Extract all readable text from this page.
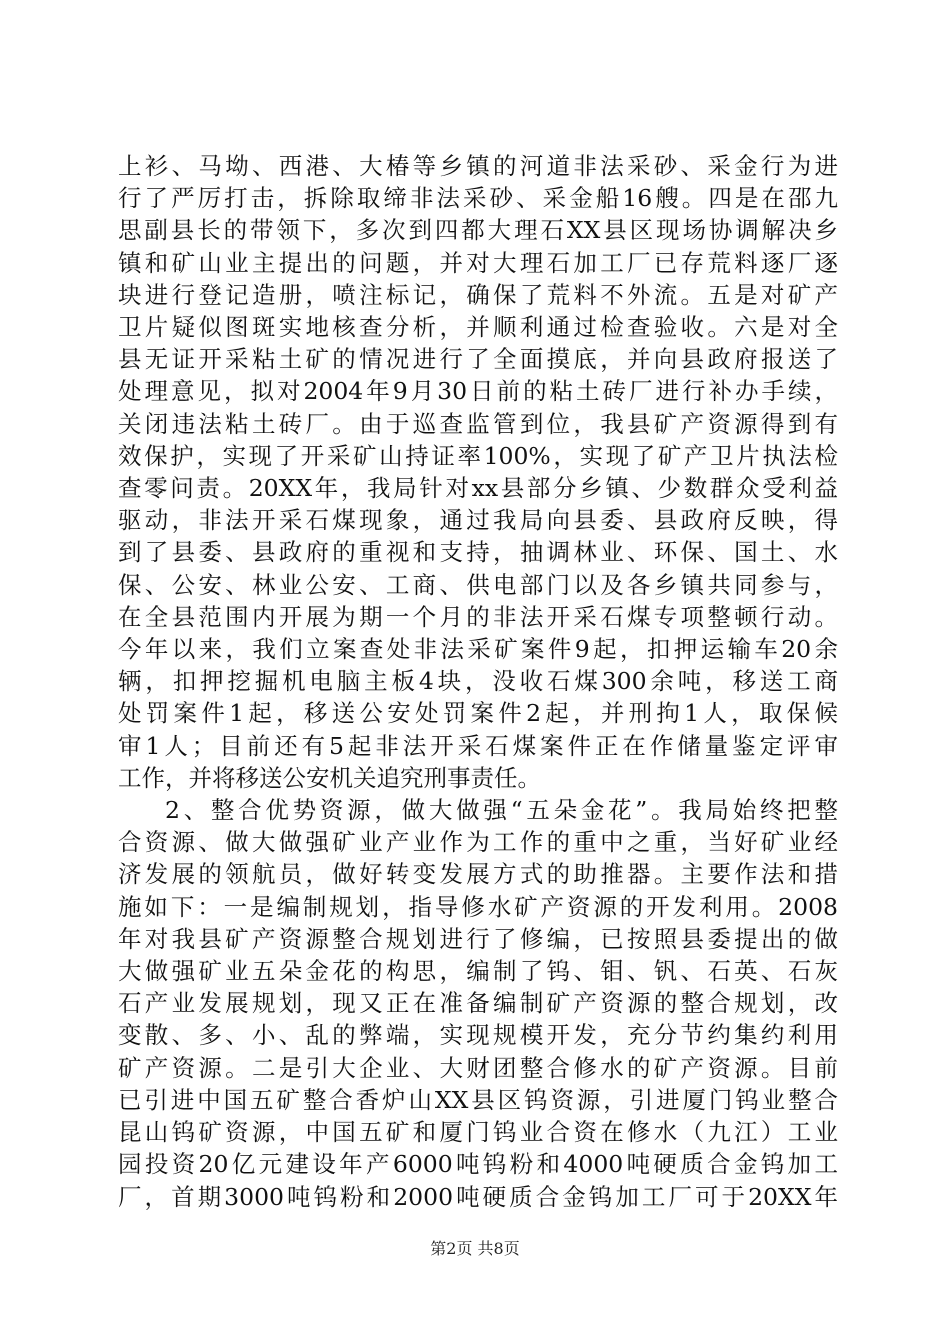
上衫、马坳、西港、大椿等乡镇的河道非法采砂、采金行为进
行了严厉打击，拆除取缔非法采砂、采金船16艘。四是在邵九
思副县长的带领下，多次到四都大理石XX县区现场协调解决乡
镇和矿山业主提出的问题，并对大理石加工厂已存荒料逐厂逐
块进行登记造册，喷注标记，确保了荒料不外流。五是对矿产
卫片疑似图斑实地核查分析，并顺利通过检查验收。六是对全
县无证开采粘土矿的情况进行了全面摸底，并向县政府报送了
处理意见，拟对2004年9月30日前的粘土砖厂进行补办手续，
关闭违法粘土砖厂。由于巡查监管到位，我县矿产资源得到有
效保护，实现了开采矿山持证率100%，实现了矿产卫片执法检
查零问责。20XX年，我局针对xx县部分乡镇、少数群众受利益
驱动，非法开采石煤现象，通过我局向县委、县政府反映，得
到了县委、县政府的重视和支持，抽调林业、环保、国土、水
保、公安、林业公安、工商、供电部门以及各乡镇共同参与，
在全县范围内开展为期一个月的非法开采石煤专项整顿行动。
今年以来，我们立案查处非法采矿案件9起，扣押运输车20余
辆，扣押挖掘机电脑主板4块，没收石煤300余吨，移送工商
处罚案件1起，移送公安处罚案件2起，并刑拘1人，取保候
审1人；目前还有5起非法开采石煤案件正在作储量鉴定评审
工作，并将移送公安机关追究刑事责任。
2、整合优势资源，做大做强“五朵金花”。我局始终把整
合资源、做大做强矿业产业作为工作的重中之重，当好矿业经
济发展的领航员，做好转变发展方式的助推器。主要作法和措
施如下：一是编制规划，指导修水矿产资源的开发利用。2008
年对我县矿产资源整合规划进行了修编，已按照县委提出的做
大做强矿业五朵金花的构思，编制了钨、钼、钒、石英、石灰
石产业发展规划，现又正在准备编制矿产资源的整合规划，改
变散、多、小、乱的弊端，实现规模开发，充分节约集约利用
矿产资源。二是引大企业、大财团整合修水的矿产资源。目前
已引进中国五矿整合香炉山XX县区钨资源，引进厦门钨业整合
昆山钨矿资源，中国五矿和厦门钨业合资在修水（九江）工业
园投资20亿元建设年产6000吨钨粉和4000吨硬质合金钨加工
厂，首期3000吨钨粉和2000吨硬质合金钨加工厂可于20XX年
第2页 共8页
